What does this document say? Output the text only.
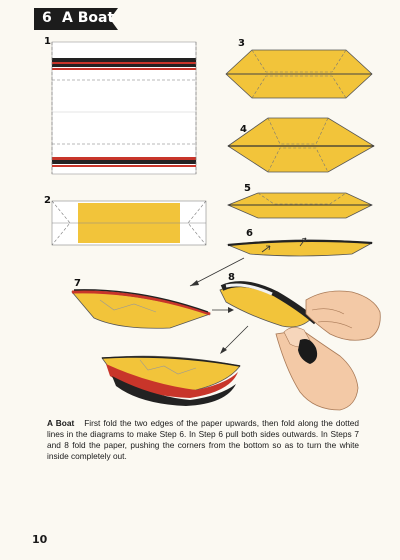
6 A Boat
1
2
3
4
5
6
7
8
A Boat First fold the two edges of the paper upwards, then fold along the dotted lines in the diagrams to make Step 6. In Step 6 pull both sides outwards. In Steps 7 and 8 fold the paper, pushing the corners from the bottom so as to turn the white inside completely out.
10
